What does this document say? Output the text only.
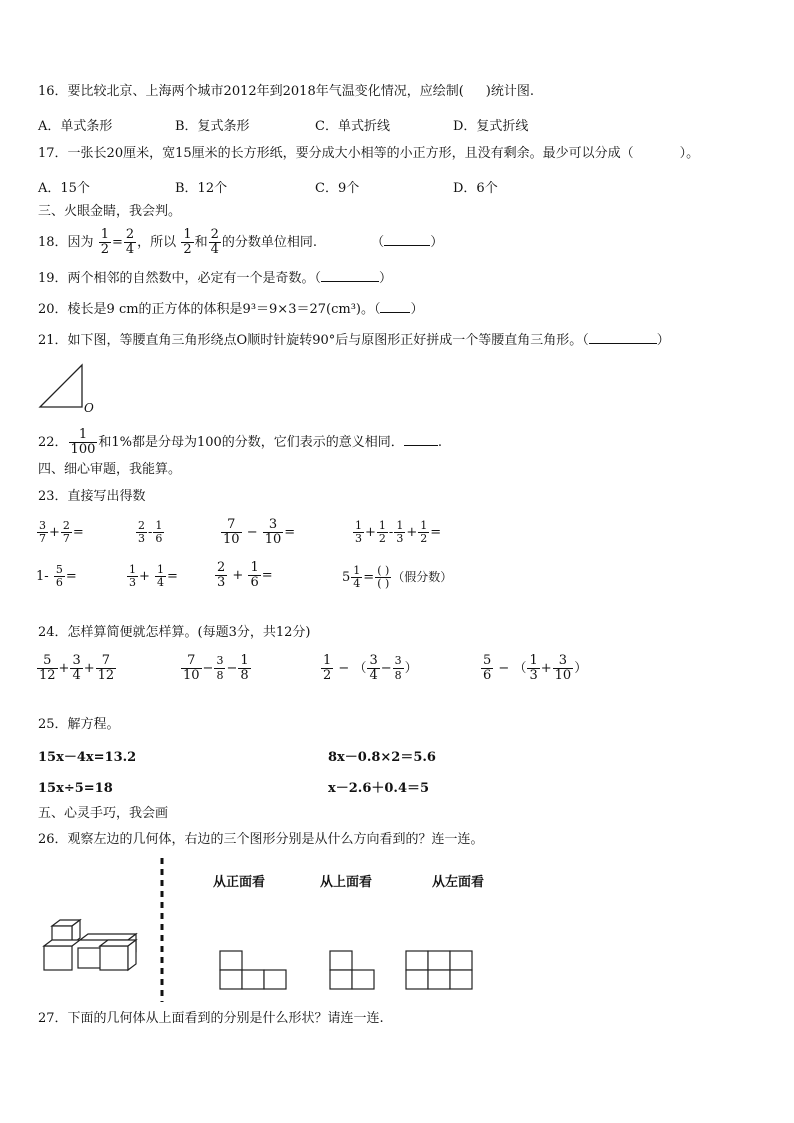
16．要比较北京、上海两个城市2012年到2018年气温变化情况，应绘制( )统计图.
A．单式条形	B．复式条形	C．单式折线	D．复式折线
17．一张长20厘米，宽15厘米的长方形纸，要分成大小相等的小正方形，且没有剩余。最少可以分成（	）。
A．15个	B．12个	C．9个	D．6个
三、火眼金睛，我会判。
18．因为 $\frac{1}{2} = \frac{2}{4}$ ，所以 $\frac{1}{2}$ 和 $\frac{2}{4}$ 的分数单位相同.	（	）
19．两个相邻的自然数中，必定有一个是奇数。（	）
20．棱长是9 cm的正方体的体积是9³＝9×3＝27(cm³)。（ ）
21．如下图，等腰直角三角形绕点O顺时针旋转90°后与原图形正好拼成一个等腰直角三角形。（	）
O
22． $\frac{1}{100}$ 和1%都是分母为100的分数，它们表示的意义相同．	.
四、细心审题，我能算。
23．直接写出得数
$\frac{3}{7} + \frac{2}{7}$ =	$\frac{2}{3} - \frac{1}{6}$	$\frac{7}{10} - \frac{3}{10}$ =	$\frac{1}{3} + \frac{1}{2} - \frac{1}{3} + \frac{1}{2}$ =
$1- \frac{5}{6}$ =	$\frac{1}{3} + \frac{1}{4}$ =	$\frac{2}{3} + \frac{1}{6}$ =	$5 \frac{1}{4} = \frac{( )}{( )}$ （假分数）
24．怎样算简便就怎样算。(每题3分，共12分)
$\frac{5}{12} + \frac{3}{4} + \frac{7}{12}$	$\frac{7}{10} - \frac{3}{8} - \frac{1}{8}$	$\frac{1}{2}$ − （ $\frac{3}{4} - \frac{3}{8}$ ）	$\frac{5}{6}$ − （ $\frac{1}{3} + \frac{3}{10}$ ）
25．解方程。
15x－4x=13.2	8x－0.8×2＝5.6
15x÷5=18	x－2.6＋0.4＝5
五、心灵手巧，我会画
26．观察左边的几何体，右边的三个图形分别是从什么方向看到的？连一连。
从正面看	从上面看	从左面看
27．下面的几何体从上面看到的分别是什么形状？请连一连.
